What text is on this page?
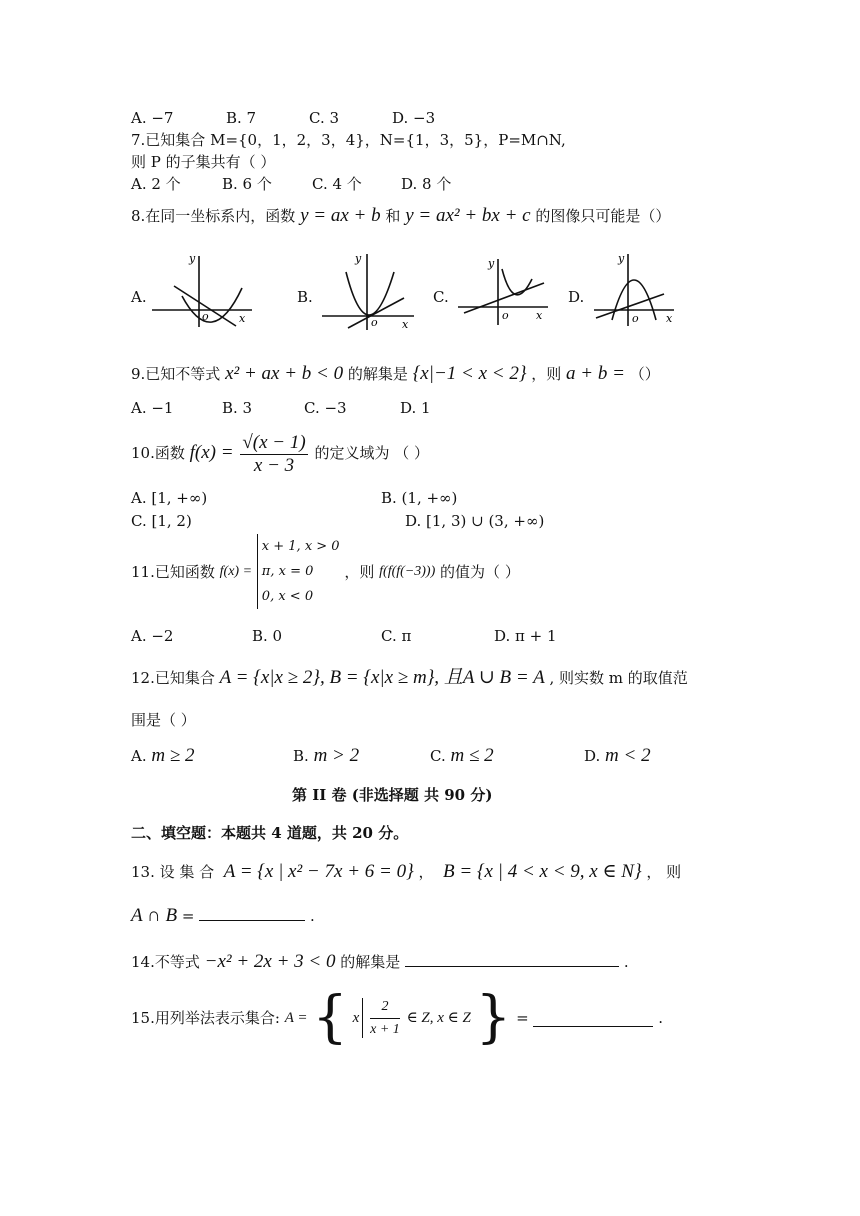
A. −7	B. 7	C. 3	D. −3
7.已知集合 M={0，1，2，3，4}，N={1，3，5}，P=M∩N,
则 P 的子集共有（ ）
A. 2 个	B. 6 个	C. 4 个	D. 8 个
8.在同一坐标系内，函数 y = ax + b 和 y = ax² + bx + c 的图像只可能是（）
A.
y
x
o
B.
y
x
o
C.
y
x
o
D.
y
x
o
9.已知不等式 x² + ax + b < 0 的解集是 {x|−1 < x < 2} ，则 a + b = （）
A. −1	B. 3	C. −3	D. 1
10.函数 $f(x) = \frac{√(x - 1)}{x - 3}$ 的定义域为 （ ）
A. [1, +∞)	B. (1, +∞)
C. [1, 2)	D. [1, 3) ∪ (3, +∞)
11.已知函数 f(x) =
x + 1, x > 0
π, x = 0
0, x < 0
，则 f(f(f(−3))) 的值为（ ）
A. −2	B. 0	C. π	D. π + 1
12.已知集合 A = {x|x ≥ 2}, B = {x|x ≥ m}, 且A ∪ B = A , 则实数 m 的取值范
围是（ ）
A. m ≥ 2	B. m > 2	C. m ≤ 2	D. m < 2
第 II 卷 (非选择题 共 90 分)
二、填空题：本题共 4 道题，共 20 分。
13. 设 集 合 A = {x | x² − 7x + 6 = 0} ， B = {x | 4 < x < 9, x ∈ N} ， 则
A ∩ B =	.
14.不等式 −x² + 2x + 3 < 0 的解集是	.
15.用列举法表示集合: A = { x $\frac{2}{x + 1}$ ∈ Z, x ∈ Z } =	.
